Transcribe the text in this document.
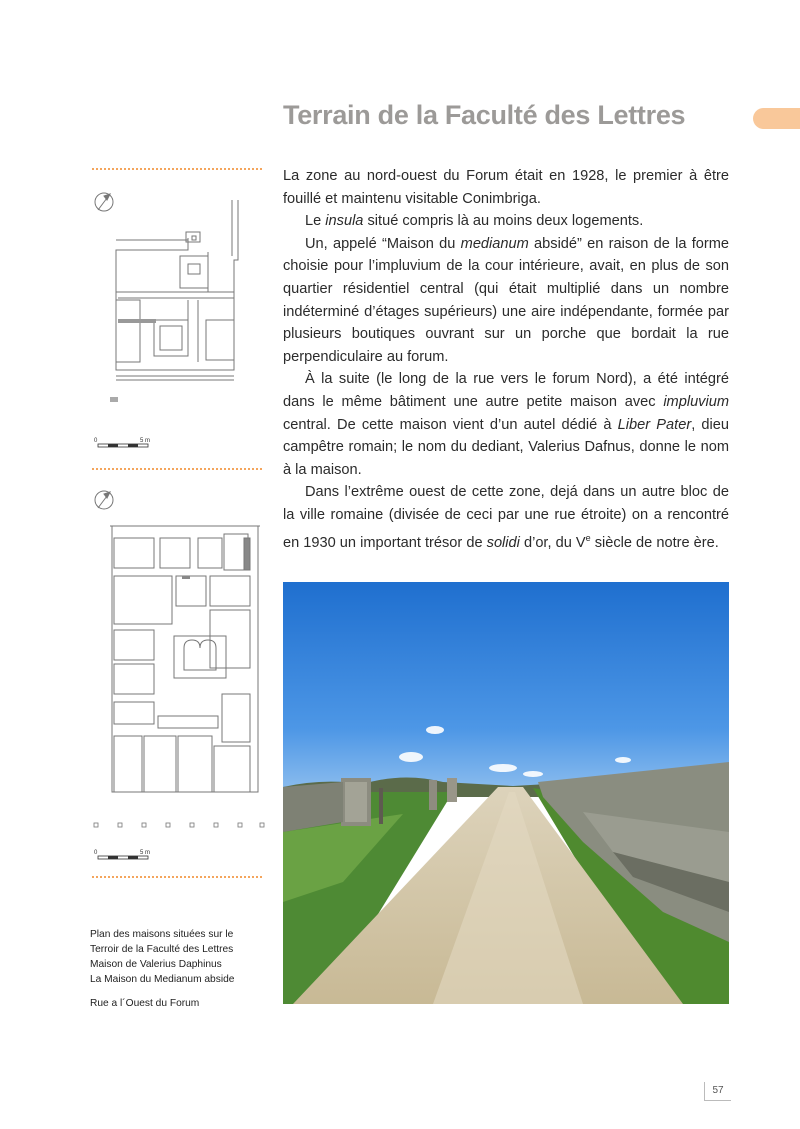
Terrain de la Faculté des Lettres
0	5 m
0	5 m

La zone au nord-ouest du Forum était en 1928, le premier à être fouillé et maintenu visitable Conimbriga.

Le insula situé compris là au moins deux logements.

Un, appelé “Maison du medianum absidé” en raison de la forme choisie pour l’impluvium de la cour intérieure, avait, en plus de son quartier résidentiel central (qui était multiplié dans un nombre indéterminé d’étages supérieurs) une aire indépendante, formée par plusieurs boutiques ouvrant sur un porche que bordait la rue perpendiculaire au forum.

À la suite (le long de la rue vers le forum Nord), a été intégré dans le même bâtiment une autre petite maison avec impluvium central. De cette maison vient d’un autel dédié à Liber Pater, dieu campêtre romain; le nom du dediant, Valerius Dafnus, donne le nom à la maison.

Dans l’extrême ouest de cette zone, dejá dans un autre bloc de la ville romaine (divisée de ceci par une rue étroite) on a rencontré en 1930 un important trésor de solidi d’or, du Ve siècle de notre ère.

Plan des maisons situées sur le
Terroir de la Faculté des Lettres
Maison de Valerius Daphinus
La Maison du Medianum abside
Rue a l´Ouest du Forum
57
